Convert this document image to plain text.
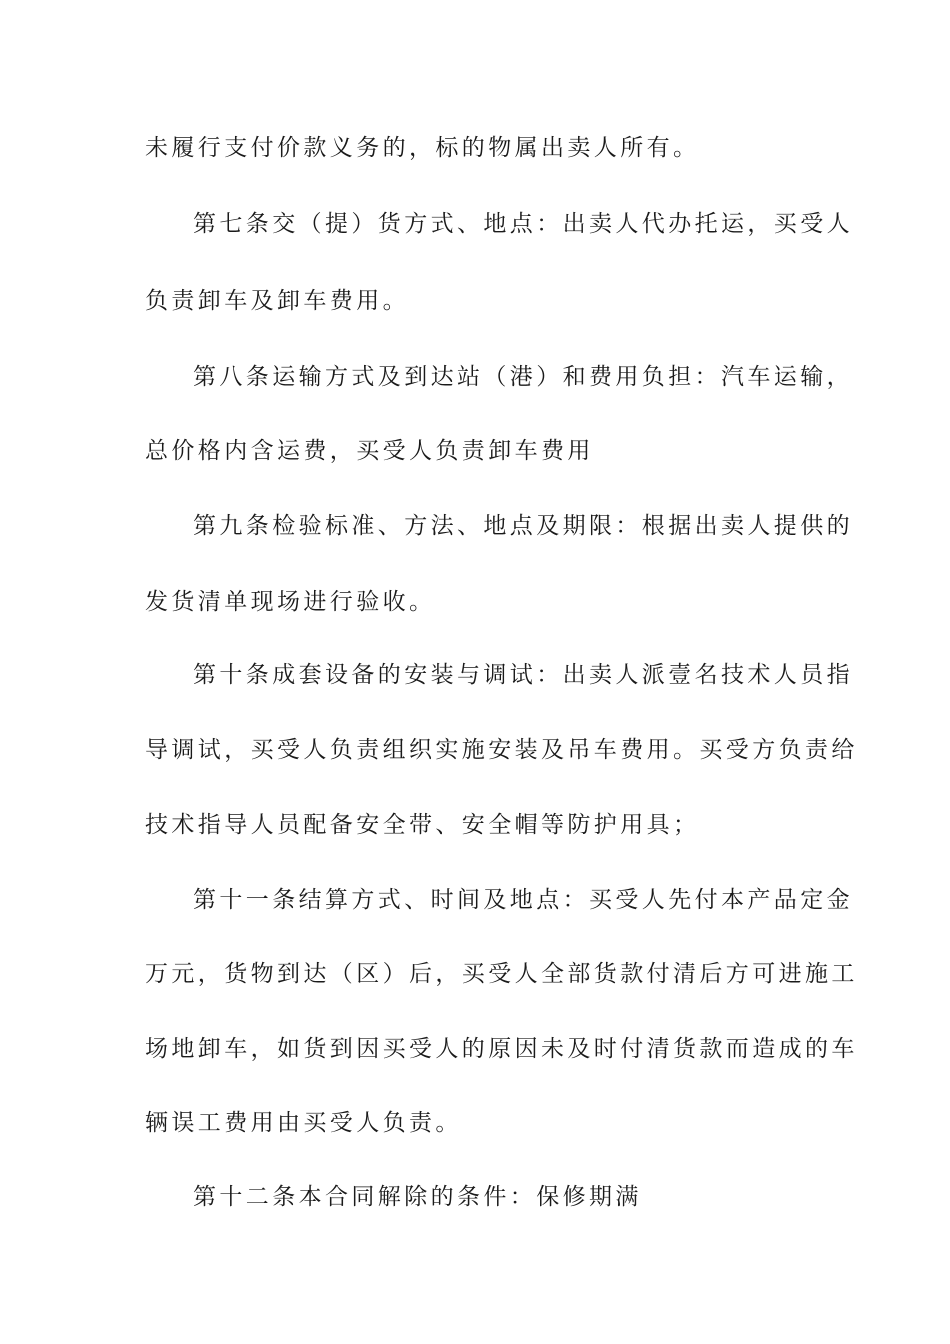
未履行支付价款义务的，标的物属出卖人所有。
第七条交（提）货方式、地点：出卖人代办托运，买受人
负责卸车及卸车费用。
第八条运输方式及到达站（港）和费用负担：汽车运输，
总价格内含运费，买受人负责卸车费用
第九条检验标准、方法、地点及期限：根据出卖人提供的
发货清单现场进行验收。
第十条成套设备的安装与调试：出卖人派壹名技术人员指
导调试，买受人负责组织实施安装及吊车费用。买受方负责给
技术指导人员配备安全带、安全帽等防护用具；
第十一条结算方式、时间及地点：买受人先付本产品定金
万元，货物到达（区）后，买受人全部货款付清后方可进施工
场地卸车，如货到因买受人的原因未及时付清货款而造成的车
辆误工费用由买受人负责。
第十二条本合同解除的条件：保修期满
